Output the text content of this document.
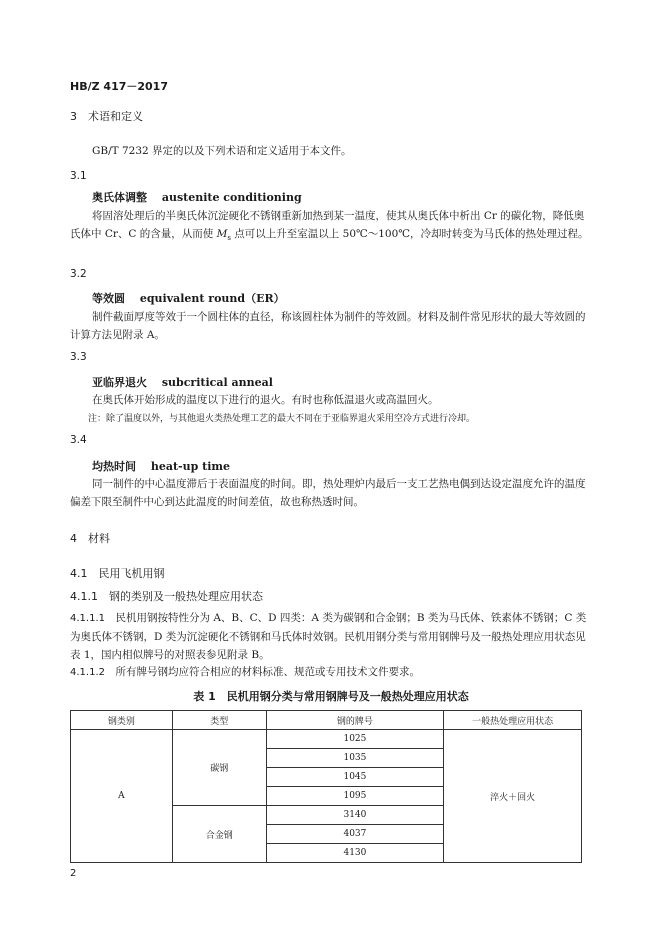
HB/Z 417－2017
3　术语和定义
GB/T 7232 界定的以及下列术语和定义适用于本文件。
3.1
奥氏体调整　 austenite conditioning
将固溶处理后的半奥氏体沉淀硬化不锈钢重新加热到某一温度，使其从奥氏体中析出 Cr 的碳化物，降低奥氏体中 Cr、C 的含量，从而使 $M_s$ 点可以上升至室温以上 50℃～100℃，冷却时转变为马氏体的热处理过程。
3.2
等效圆　 equivalent round（ER）
制件截面厚度等效于一个圆柱体的直径，称该圆柱体为制件的等效圆。材料及制件常见形状的最大等效圆的计算方法见附录 A。
3.3
亚临界退火　 subcritical anneal
在奥氏体开始形成的温度以下进行的退火。有时也称低温退火或高温回火。
注：除了温度以外，与其他退火类热处理工艺的最大不同在于亚临界退火采用空冷方式进行冷却。
3.4
均热时间　 heat-up time
同一制件的中心温度滞后于表面温度的时间。即，热处理炉内最后一支工艺热电偶到达设定温度允许的温度偏差下限至制件中心到达此温度的时间差值，故也称热透时间。
4　材料
4.1　民用飞机用钢
4.1.1　钢的类别及一般热处理应用状态
4.1.1.1　 民机用钢按特性分为 A、B、C、D 四类：A 类为碳钢和合金钢；B 类为马氏体、铁素体不锈钢；C 类为奥氏体不锈钢，D 类为沉淀硬化不锈钢和马氏体时效钢。民机用钢分类与常用钢牌号及一般热处理应用状态见表 1，国内相似牌号的对照表参见附录 B。
4.1.1.2　 所有牌号钢均应符合相应的材料标准、规范或专用技术文件要求。
表 1　民机用钢分类与常用钢牌号及一般热处理应用状态
钢类别	类型	钢的牌号	一般热处理应用状态
A	碳钢	1025	淬火＋回火
		1035	
		1045	
		1095	
	合金钢	3140	
		4037	
		4130	
2
